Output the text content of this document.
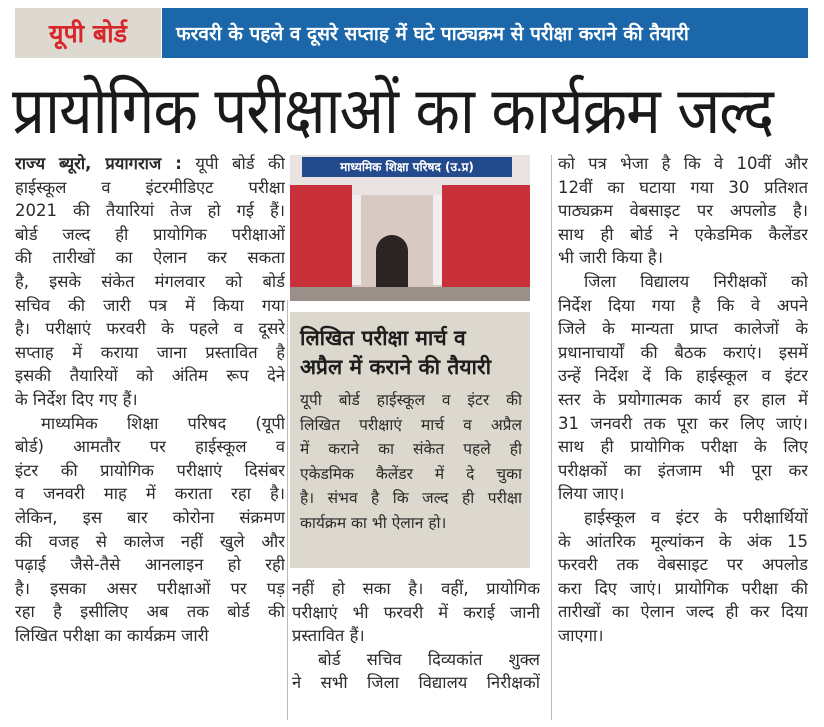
यूपी बोर्ड	फरवरी के पहले व दूसरे सप्ताह में घटे पाठ्यक्रम से परीक्षा कराने की तैयारी
प्रायोगिक परीक्षाओं का कार्यक्रम जल्द
राज्य ब्यूरो, प्रयागराज : यूपी बोर्ड की
हाईस्कूल व इंटरमीडिएट परीक्षा
2021 की तैयारियां तेज हो गई हैं।
बोर्ड जल्द ही प्रायोगिक परीक्षाओं
की तारीखों का ऐलान कर सकता
है, इसके संकेत मंगलवार को बोर्ड
सचिव की जारी पत्र में किया गया
है। परीक्षाएं फरवरी के पहले व दूसरे
सप्ताह में कराया जाना प्रस्तावित है
इसकी तैयारियों को अंतिम रूप देने
के निर्देश दिए गए हैं।
माध्यमिक शिक्षा परिषद (यूपी
बोर्ड) आमतौर पर हाईस्कूल व
इंटर की प्रायोगिक परीक्षाएं दिसंबर
व जनवरी माह में कराता रहा है।
लेकिन, इस बार कोरोना संक्रमण
की वजह से कालेज नहीं खुले और
पढ़ाई जैसे-तैसे आनलाइन हो रही
है। इसका असर परीक्षाओं पर पड़
रहा है इसीलिए अब तक बोर्ड की
लिखित परीक्षा का कार्यक्रम जारी
माध्यमिक शिक्षा परिषद (उ.प्र)
लिखित परीक्षा मार्च व
अप्रैल में कराने की तैयारी
यूपी बोर्ड हाईस्कूल व इंटर की
लिखित परीक्षाएं मार्च व अप्रैल
में कराने का संकेत पहले ही
एकेडमिक कैलेंडर में दे चुका
है। संभव है कि जल्द ही परीक्षा
कार्यक्रम का भी ऐलान हो।
नहीं हो सका है। वहीं, प्रायोगिक
परीक्षाएं भी फरवरी में कराई जानी
प्रस्तावित हैं।
बोर्ड सचिव दिव्यकांत शुक्ल
ने सभी जिला विद्यालय निरीक्षकों
को पत्र भेजा है कि वे 10वीं और
12वीं का घटाया गया 30 प्रतिशत
पाठ्यक्रम वेबसाइट पर अपलोड है।
साथ ही बोर्ड ने एकेडमिक कैलेंडर
भी जारी किया है।
जिला विद्यालय निरीक्षकों को
निर्देश दिया गया है कि वे अपने
जिले के मान्यता प्राप्त कालेजों के
प्रधानाचार्यों की बैठक कराएं। इसमें
उन्हें निर्देश दें कि हाईस्कूल व इंटर
स्तर के प्रयोगात्मक कार्य हर हाल में
31 जनवरी तक पूरा कर लिए जाएं।
साथ ही प्रायोगिक परीक्षा के लिए
परीक्षकों का इंतजाम भी पूरा कर
लिया जाए।
हाईस्कूल व इंटर के परीक्षार्थियों
के आंतरिक मूल्यांकन के अंक 15
फरवरी तक वेबसाइट पर अपलोड
करा दिए जाएं। प्रायोगिक परीक्षा की
तारीखों का ऐलान जल्द ही कर दिया
जाएगा।
